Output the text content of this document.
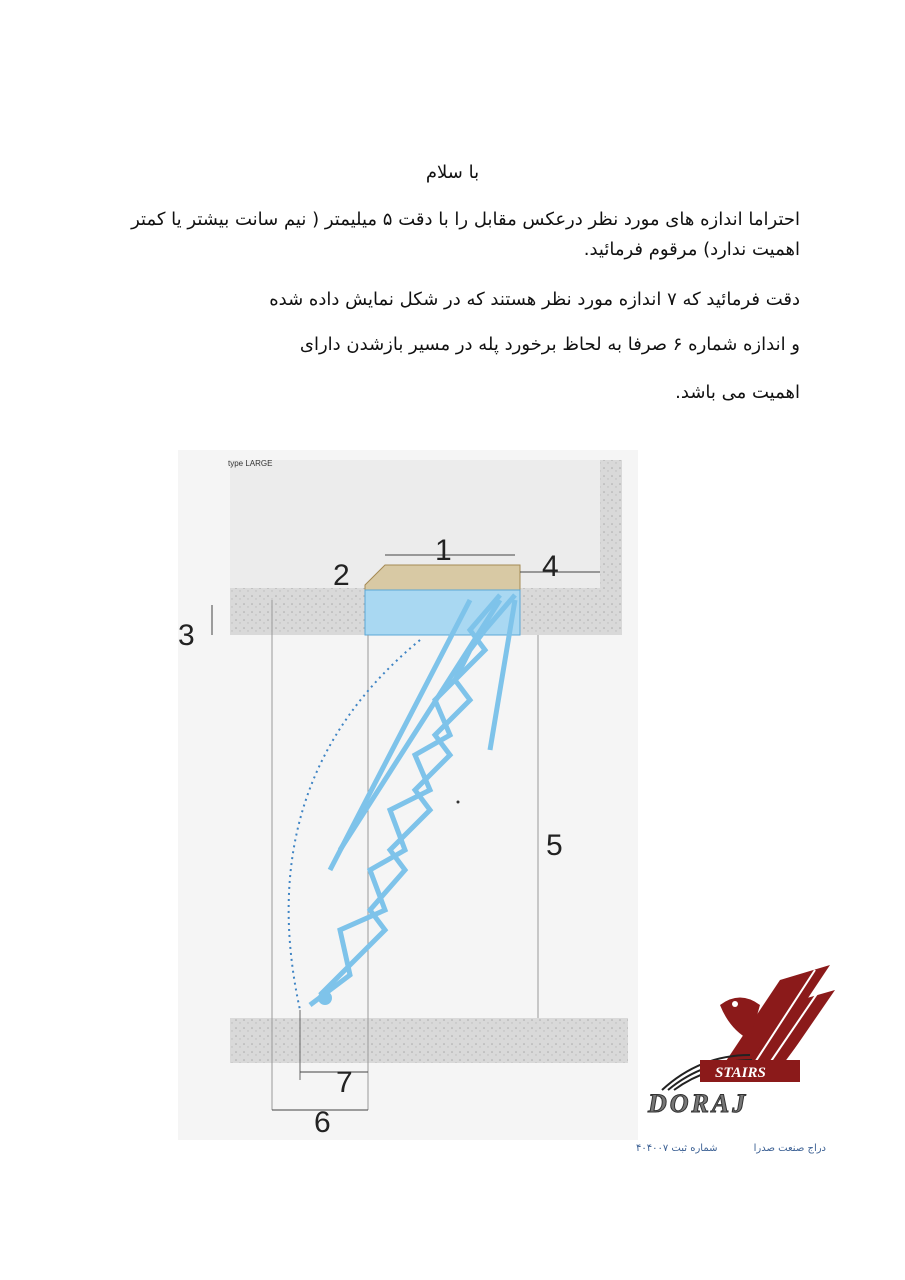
با سلام
احتراما اندازه های مورد نظر درعکس مقابل را با دقت ۵ میلیمتر ( نیم سانت بیشتر یا کمتر اهمیت ندارد) مرقوم فرمائید.
دقت فرمائید که ۷ اندازه مورد نظر هستند که در شکل نمایش داده شده
و اندازه شماره ۶ صرفا به لحاظ برخورد پله در مسیر بازشدن دارای
اهمیت می باشد.
type LARGE
1
2
3
4
5
6
7	STAIRS
DORAJ
دراج صنعت صدرا
شماره ثبت ۴۰۴۰۰۷
